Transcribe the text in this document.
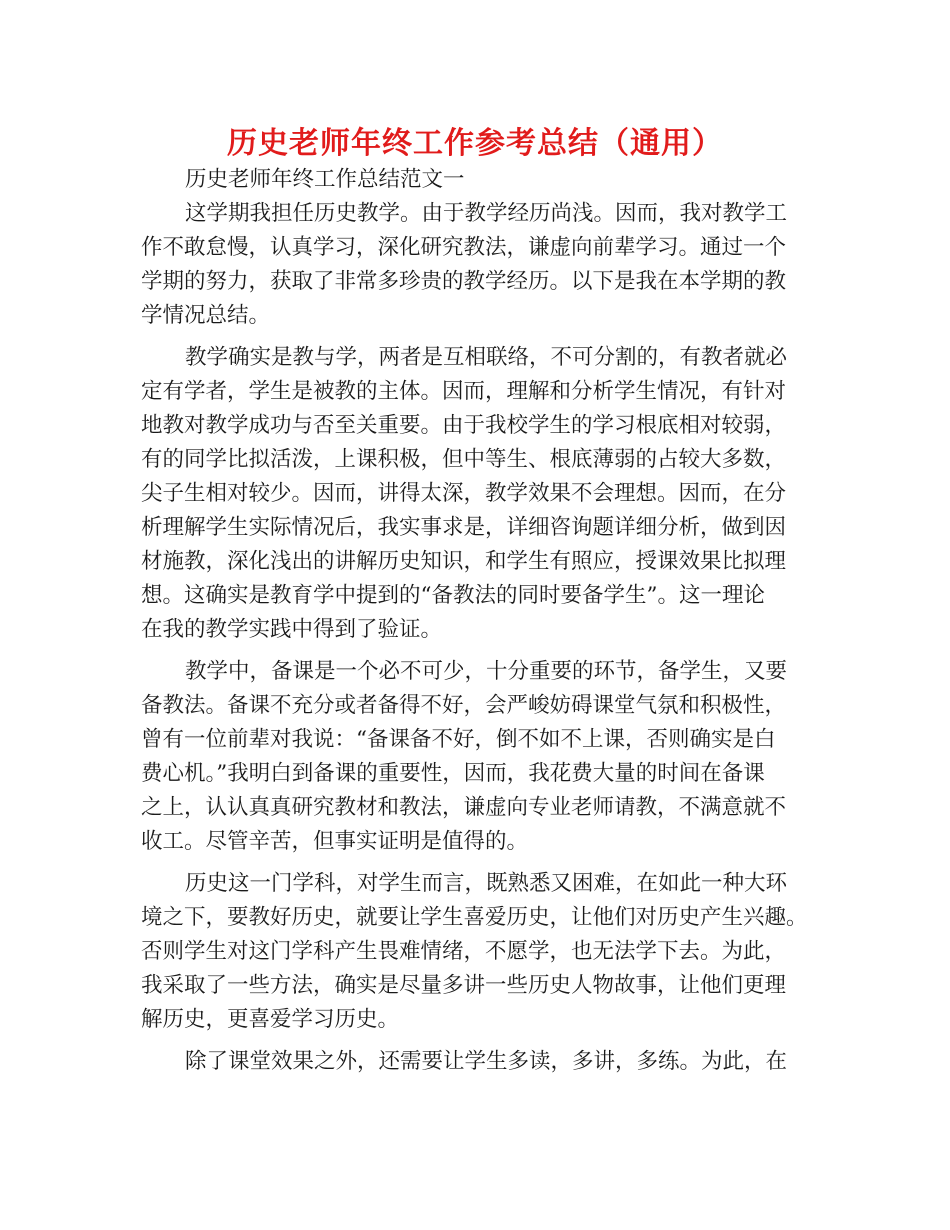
历史老师年终工作参考总结（通用）
历史老师年终工作总结范文一
这学期我担任历史教学。由于教学经历尚浅。因而，我对教学工
作不敢怠慢，认真学习，深化研究教法，谦虚向前辈学习。通过一个
学期的努力，获取了非常多珍贵的教学经历。以下是我在本学期的教
学情况总结。
教学确实是教与学，两者是互相联络，不可分割的，有教者就必
定有学者，学生是被教的主体。因而，理解和分析学生情况，有针对
地教对教学成功与否至关重要。由于我校学生的学习根底相对较弱，
有的同学比拟活泼，上课积极，但中等生、根底薄弱的占较大多数，
尖子生相对较少。因而，讲得太深，教学效果不会理想。因而，在分
析理解学生实际情况后，我实事求是，详细咨询题详细分析，做到因
材施教，深化浅出的讲解历史知识，和学生有照应，授课效果比拟理
想。这确实是教育学中提到的“备教法的同时要备学生”。这一理论
在我的教学实践中得到了验证。
教学中，备课是一个必不可少，十分重要的环节，备学生，又要
备教法。备课不充分或者备得不好，会严峻妨碍课堂气氛和积极性，
曾有一位前辈对我说：“备课备不好，倒不如不上课，否则确实是白
费心机。”我明白到备课的重要性，因而，我花费大量的时间在备课
之上，认认真真研究教材和教法，谦虚向专业老师请教，不满意就不
收工。尽管辛苦，但事实证明是值得的。
历史这一门学科，对学生而言，既熟悉又困难，在如此一种大环
境之下，要教好历史，就要让学生喜爱历史，让他们对历史产生兴趣。
否则学生对这门学科产生畏难情绪，不愿学，也无法学下去。为此，
我采取了一些方法，确实是尽量多讲一些历史人物故事，让他们更理
解历史，更喜爱学习历史。
除了课堂效果之外，还需要让学生多读，多讲，多练。为此，在
